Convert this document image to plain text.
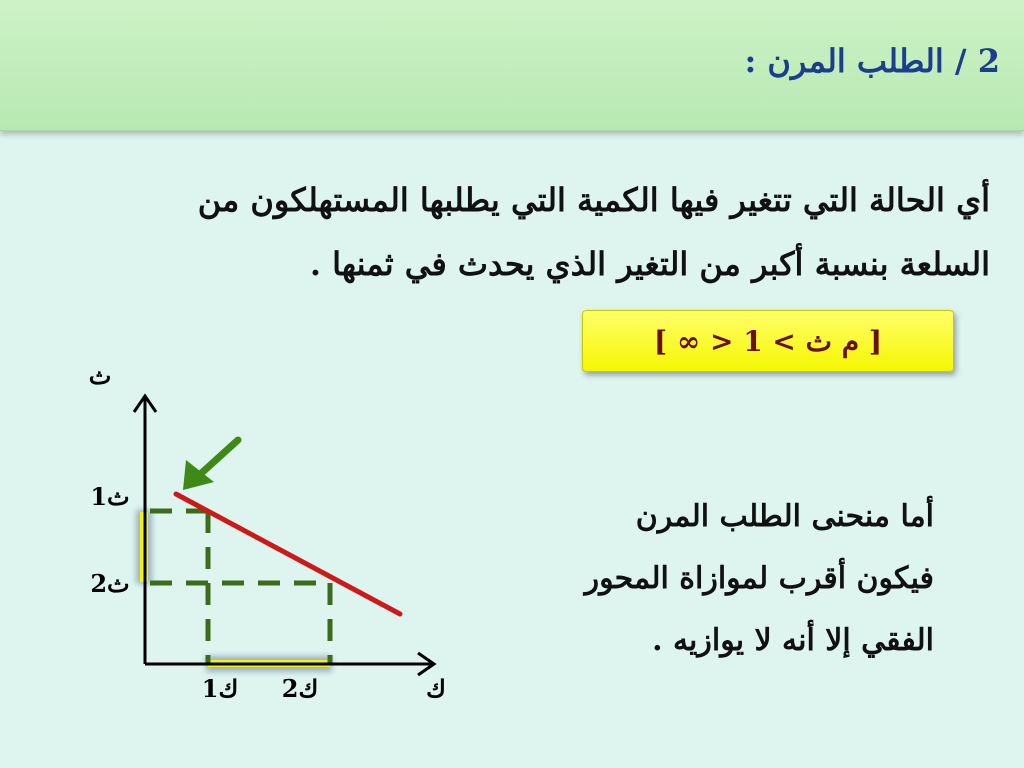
2 / الطلب المرن :
أي الحالة التي تتغير فيها الكمية التي يطلبها المستهلكون من
السلعة بنسبة أكبر من التغير الذي يحدث في ثمنها .
[ ∞ > م ث > 1 ]
أما منحنى الطلب المرن
فيكون أقرب لموازاة المحور
الفقي إلا أنه لا يوازيه .
ث
ك
ث1
ث2
ك1 ك2
